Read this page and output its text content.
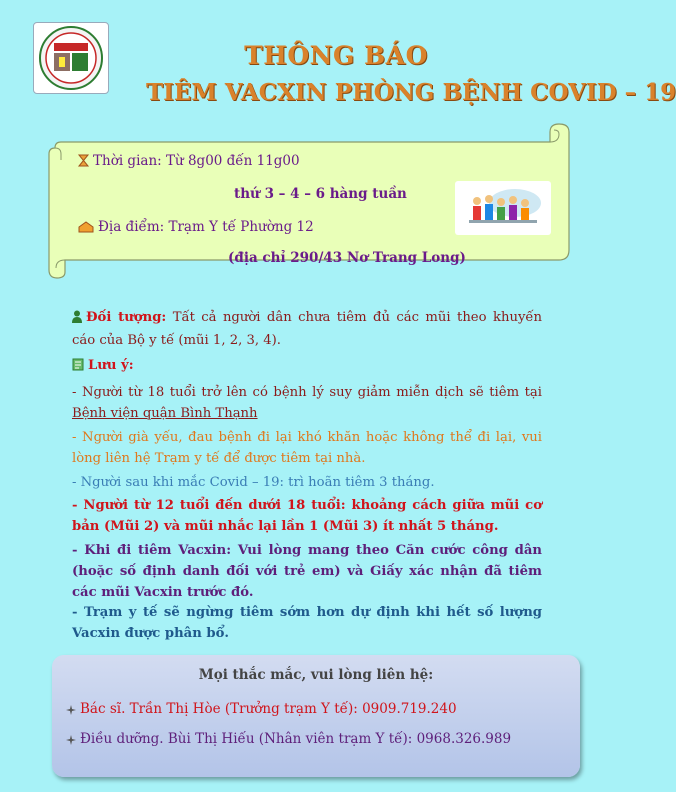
THÔNG BÁO
TIÊM VACXIN PHÒNG BỆNH COVID – 19
Thời gian: Từ 8g00 đến 11g00
thứ 3 – 4 – 6 hàng tuần
Địa điểm: Trạm Y tế Phường 12
(địa chỉ 290/43 Nơ Trang Long)
Đối tượng: Tất cả người dân chưa tiêm đủ các mũi theo khuyến cáo của Bộ y tế (mũi 1, 2, 3, 4).
Lưu ý:
- Người từ 18 tuổi trở lên có bệnh lý suy giảm miễn dịch sẽ tiêm tại Bệnh viện quận Bình Thạnh
- Người già yếu, đau bệnh đi lại khó khăn hoặc không thể đi lại, vui lòng liên hệ Trạm y tế để được tiêm tại nhà.
- Người sau khi mắc Covid – 19: trì hoãn tiêm 3 tháng.
- Người từ 12 tuổi đến dưới 18 tuổi: khoảng cách giữa mũi cơ bản (Mũi 2) và mũi nhắc lại lần 1 (Mũi 3) ít nhất 5 tháng.
- Khi đi tiêm Vacxin: Vui lòng mang theo Căn cước công dân (hoặc số định danh đối với trẻ em) và Giấy xác nhận đã tiêm các mũi Vacxin trước đó.
- Trạm y tế sẽ ngừng tiêm sớm hơn dự định khi hết số lượng Vacxin được phân bổ.
Mọi thắc mắc, vui lòng liên hệ:
Bác sĩ. Trần Thị Hòe (Trưởng trạm Y tế): 0909.719.240
Điều dưỡng. Bùi Thị Hiếu (Nhân viên trạm Y tế): 0968.326.989
